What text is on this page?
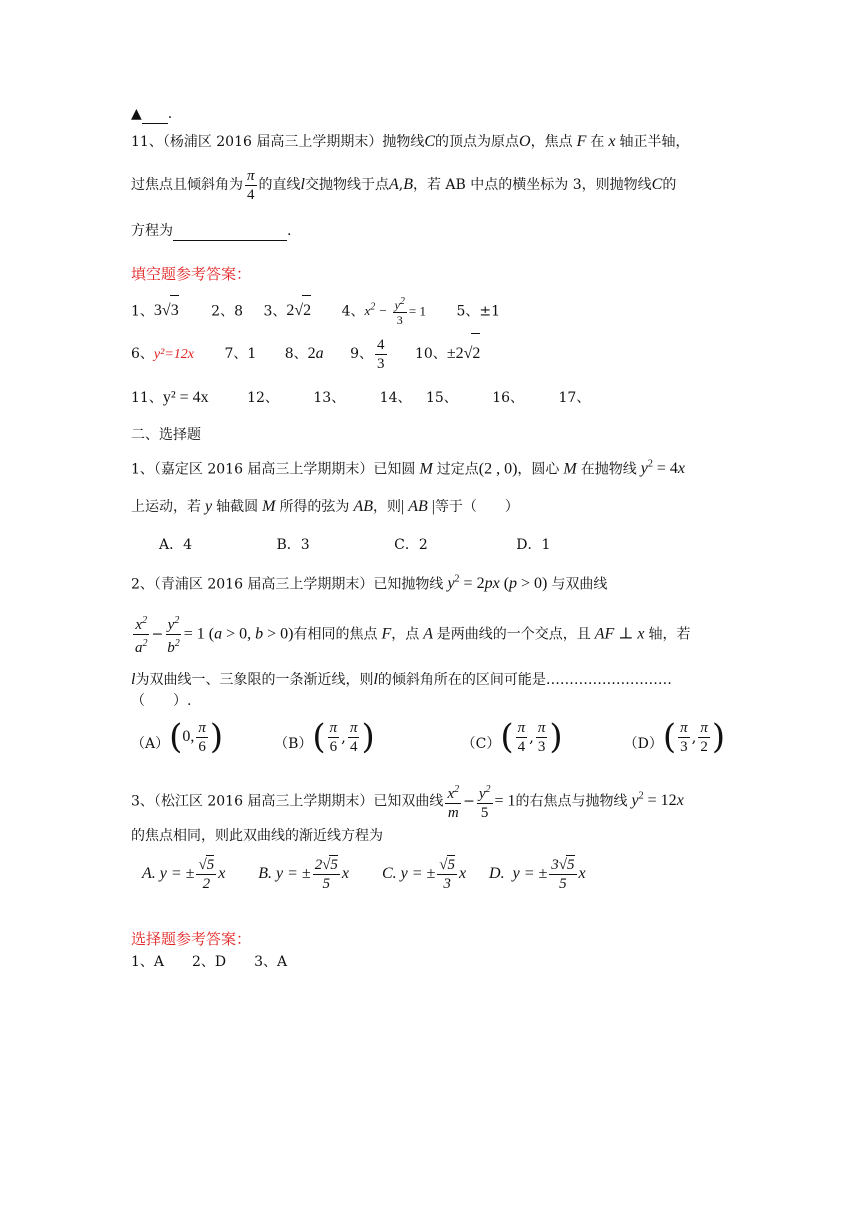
▲ .
11、（杨浦区 2016 届高三上学期期末）抛物线C的顶点为原点O，焦点 F 在 x 轴正半轴，
过焦点且倾斜角为 $\frac{\pi}{4}$ 的直线l交抛物线于点A,B，若 AB 中点的横坐标为 3，则抛物线C的
方程为	.
填空题参考答案：
1、3√3 2、8 3、2√2 4、$x^2 - \frac{y^2}{3} = 1$ 5、±1
6、y²=12x 7、1 8、2a 9、 $\frac{4}{3} 10$、±2√2
11、y² = 4x	12、 13、 14、 15、 16、 17、
二、选择题
1、（嘉定区 2016 届高三上学期期末）已知圆 M 过定点(2 , 0)，圆心 M 在抛物线 $y^2 = 4x$
上运动，若 y 轴截圆 M 所得的弦为 AB，则| AB |等于（　　）
A．4	B．3	C．2	D．1
2、（青浦区 2016 届高三上学期期末）已知抛物线 $y^2 = 2px$ (p > 0) 与双曲线
$\frac{x^2}{a^2} - \frac{y^2}{b^2} = 1$ (a > 0, b > 0)有相同的焦点 F，点 A 是两曲线的一个交点，且 AF ⊥ x 轴，若
l为双曲线一、三象限的一条渐近线，则l的倾斜角所在的区间可能是………………………
（　　）.
（A） ( 0, $\frac{\pi}{6}$ )	（B） ( $\frac{\pi}{6}$ , $\frac{\pi}{4}$ )	（C） ( $\frac{\pi}{4}$ , $\frac{\pi}{3}$ )	（D） ( $\frac{\pi}{3}$ , $\frac{\pi}{2}$ )
3、（松江区 2016 届高三上学期期末）已知双曲线 $\frac{x^2}{m} - \frac{y^2}{5} = 1$的右焦点与抛物线 $y^2 = 12x$
的焦点相同，则此双曲线的渐近线方程为
A. y = ± $\frac{√5}{2}$ x B. y = ± $\frac{2√5}{5}$ x C. y = ± $\frac{√5}{3}$ x D.  y = ± $\frac{3√5}{5}$ x
选择题参考答案：
1、A　　2、D　　3、A
